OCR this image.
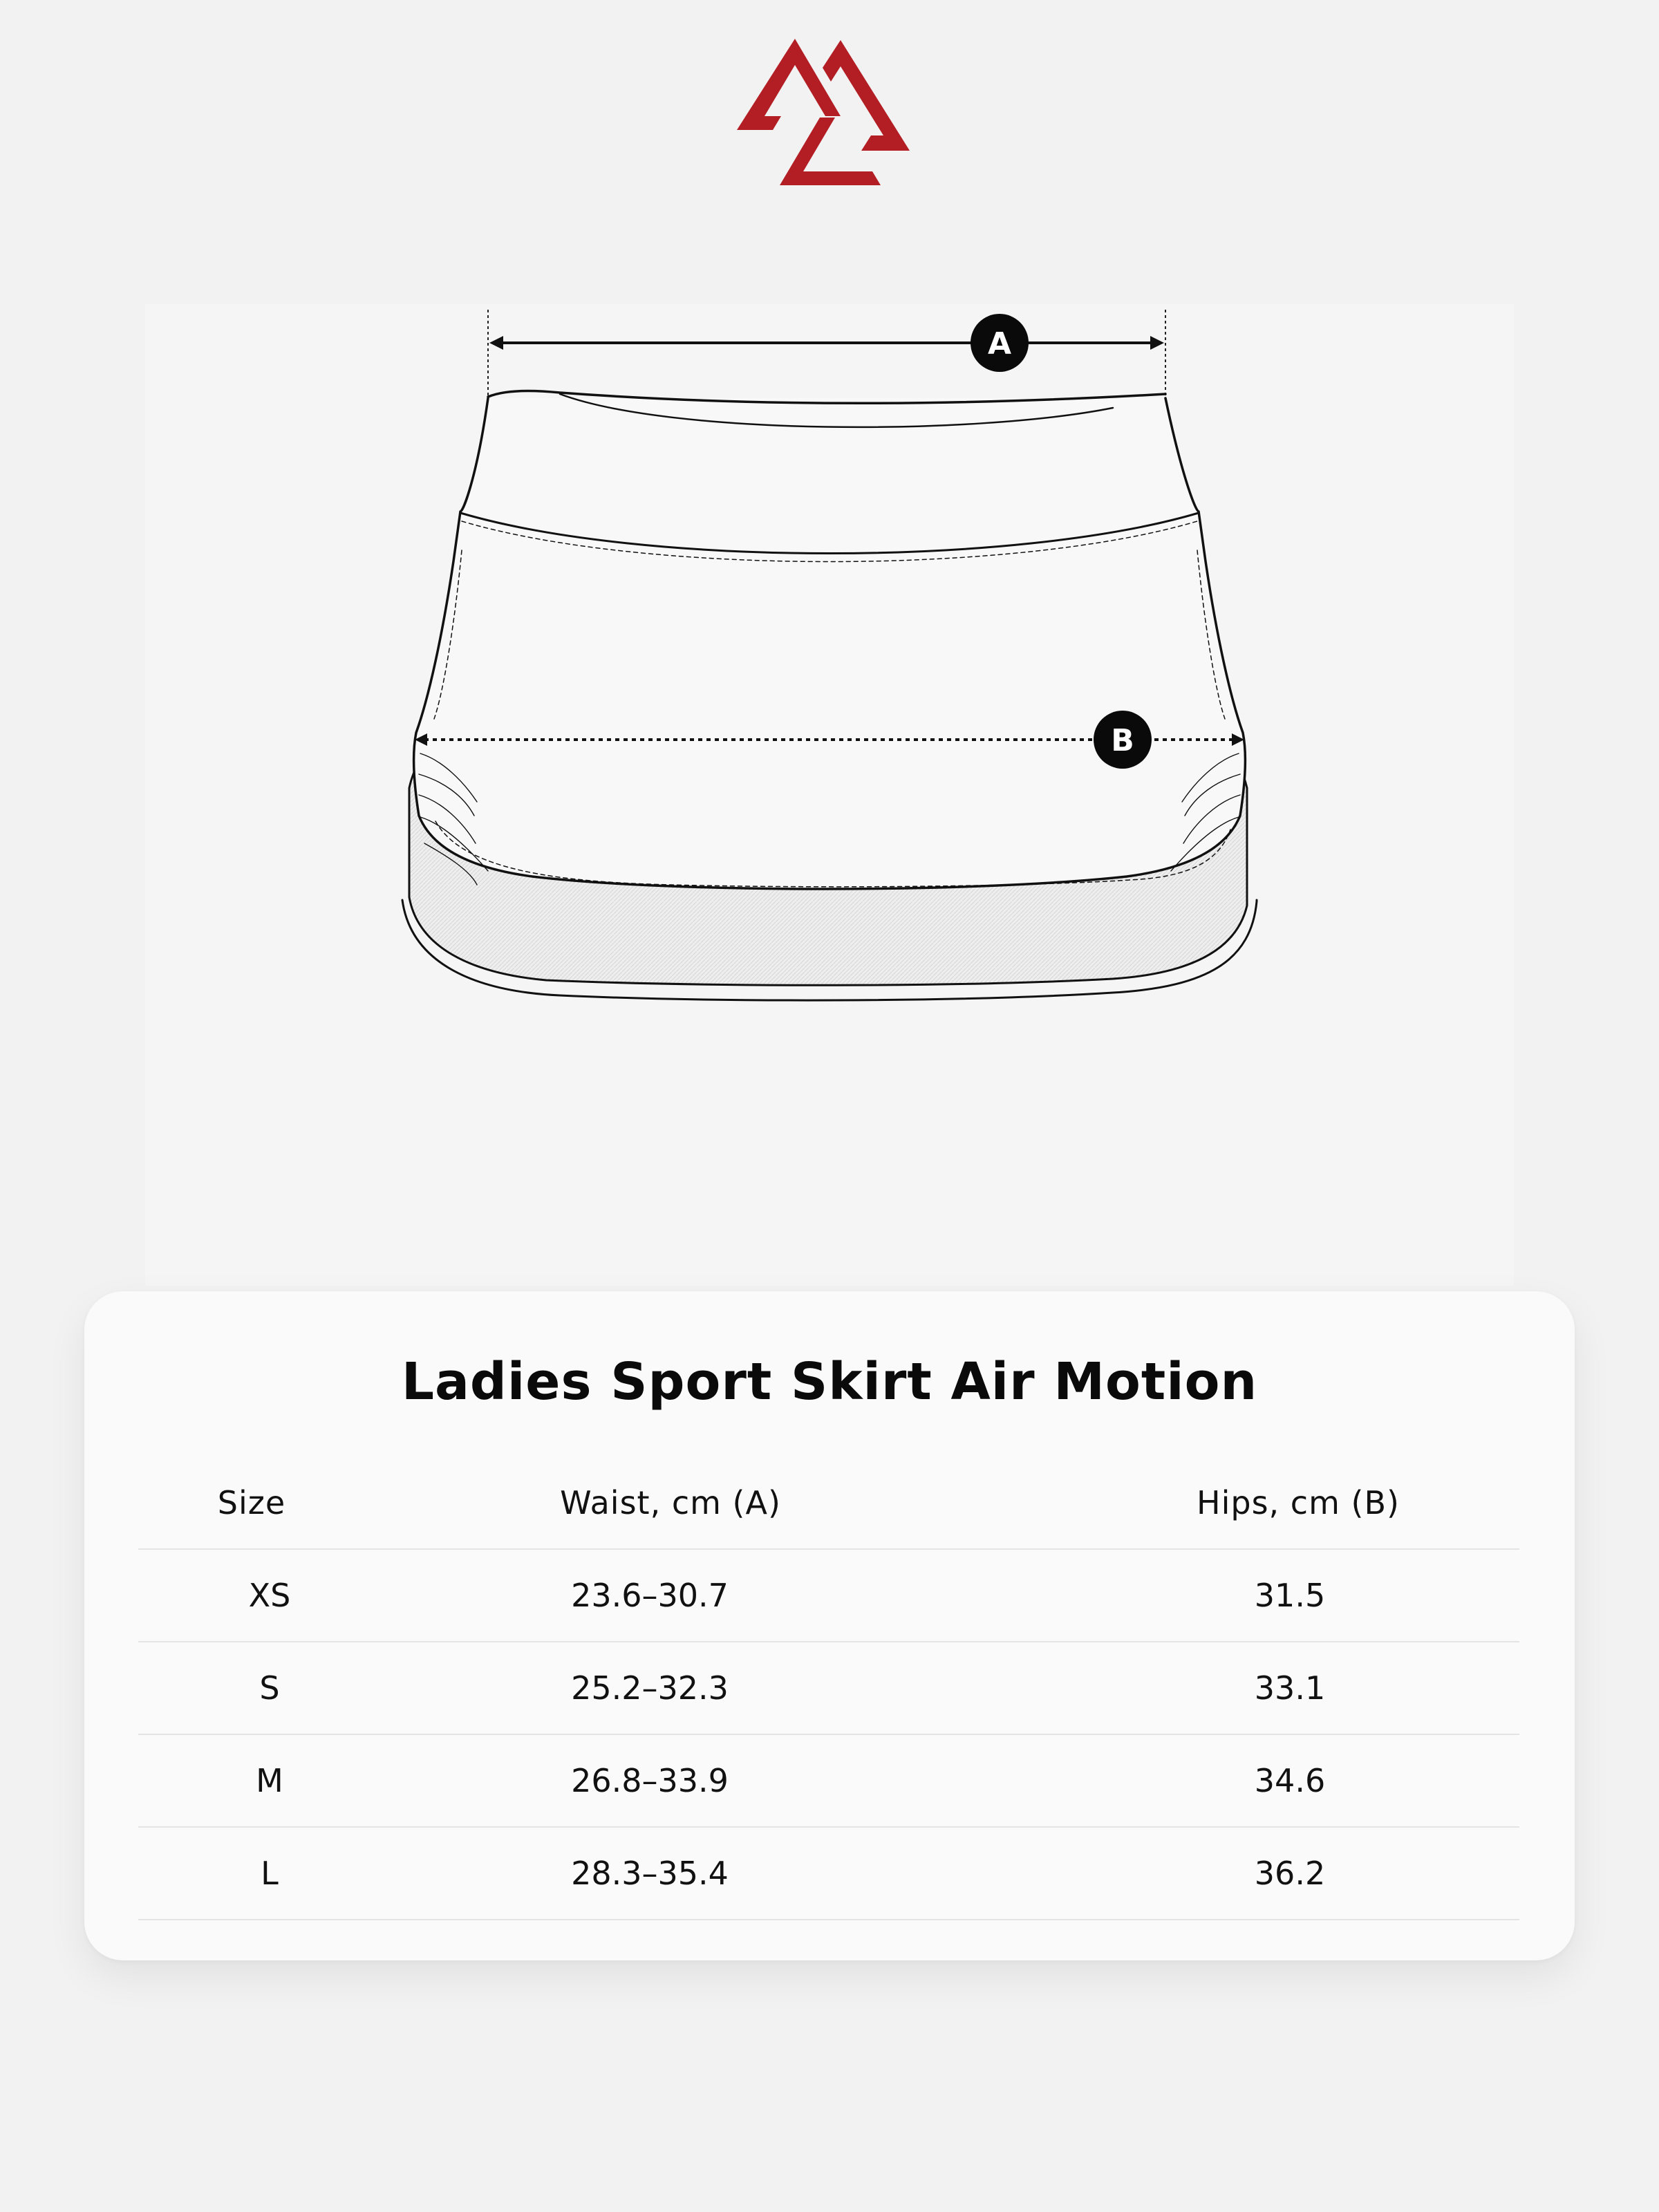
A
B
Ladies Sport Skirt Air Motion
Size	Waist, cm (A)	Hips, cm (B)
XS	23.6–30.7	31.5
S	25.2–32.3	33.1
M	26.8–33.9	34.6
L	28.3–35.4	36.2
